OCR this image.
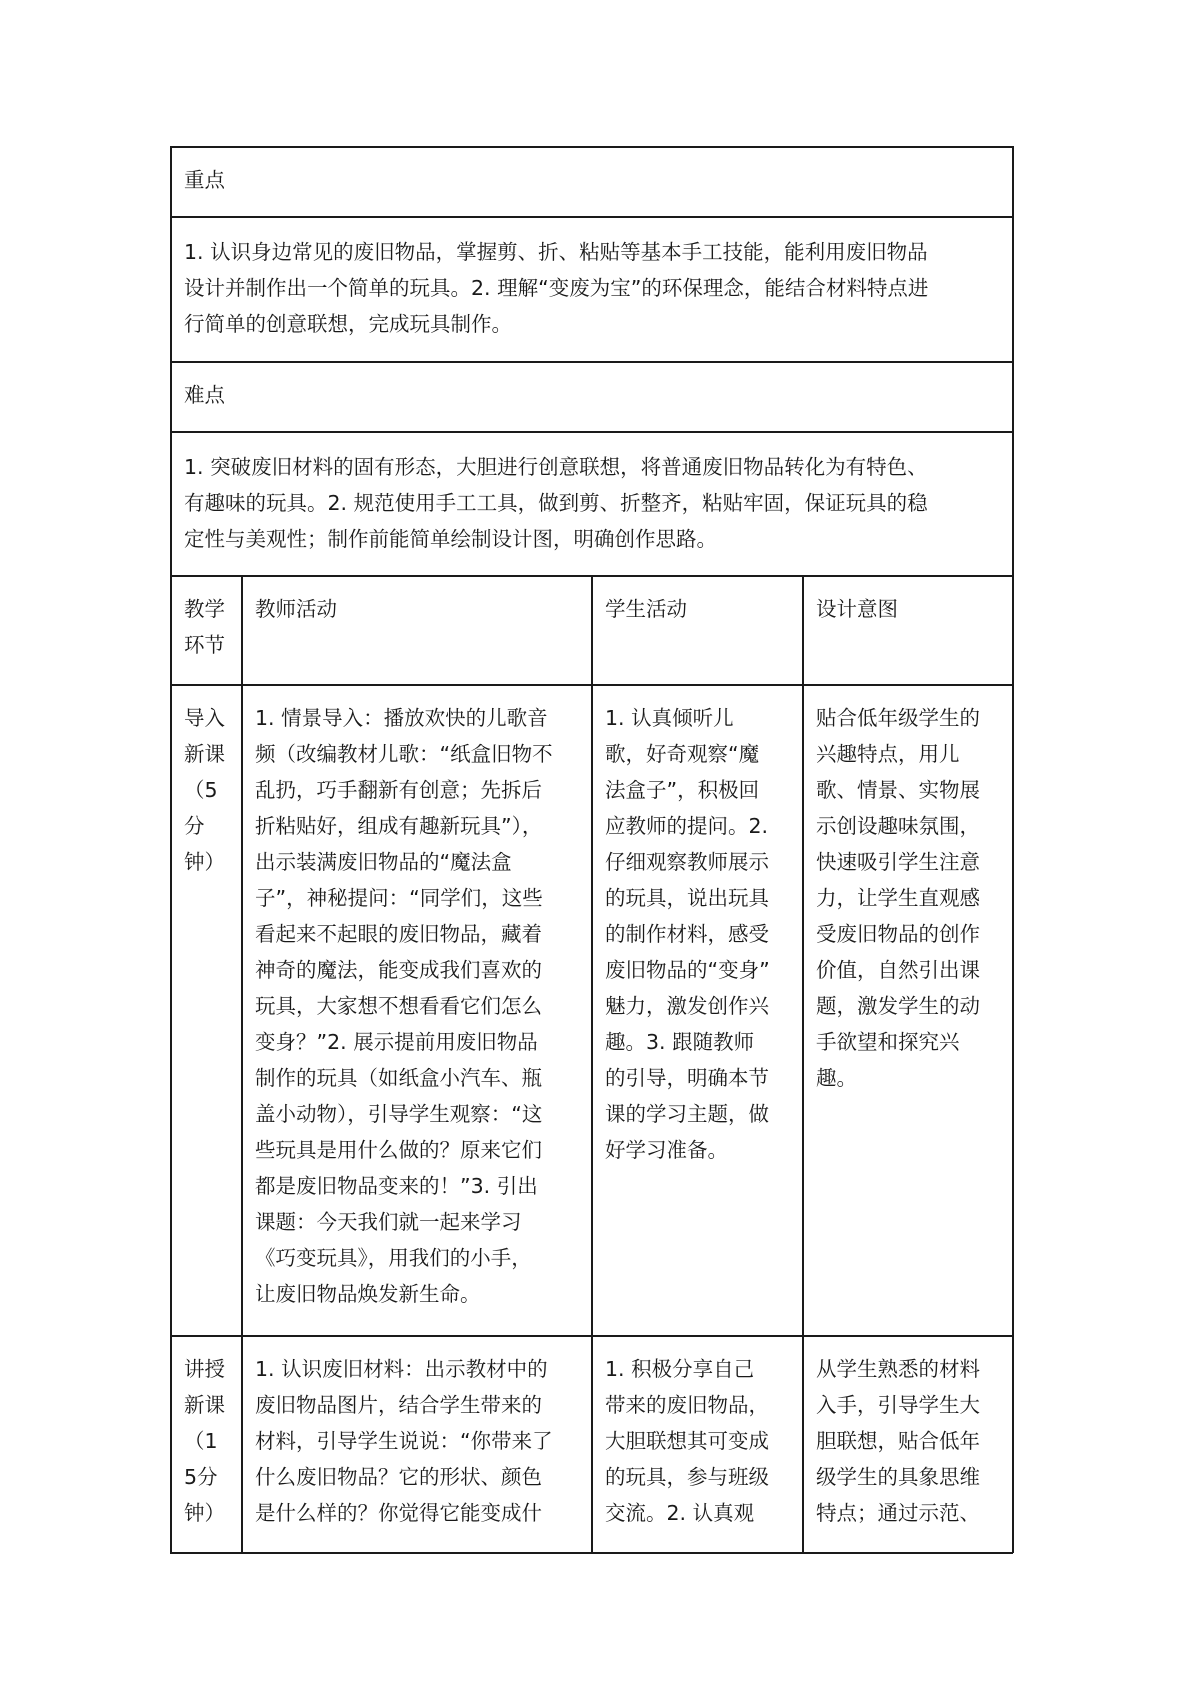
重点
1. 认识身边常见的废旧物品，掌握剪、折、粘贴等基本手工技能，能利用废旧物品
设计并制作出一个简单的玩具。2. 理解“变废为宝”的环保理念，能结合材料特点进
行简单的创意联想，完成玩具制作。
难点
1. 突破废旧材料的固有形态，大胆进行创意联想，将普通废旧物品转化为有特色、
有趣味的玩具。2. 规范使用手工工具，做到剪、折整齐，粘贴牢固，保证玩具的稳
定性与美观性；制作前能简单绘制设计图，明确创作思路。
教学
环节
教师活动	学生活动	设计意图
导入
新课
（5
分
钟）
1. 情景导入：播放欢快的儿歌音
频（改编教材儿歌：“纸盒旧物不
乱扔，巧手翻新有创意；先拆后
折粘贴好，组成有趣新玩具”），
出示装满废旧物品的“魔法盒
子”，神秘提问：“同学们，这些
看起来不起眼的废旧物品，藏着
神奇的魔法，能变成我们喜欢的
玩具，大家想不想看看它们怎么
变身？”2. 展示提前用废旧物品
制作的玩具（如纸盒小汽车、瓶
盖小动物），引导学生观察：“这
些玩具是用什么做的？原来它们
都是废旧物品变来的！”3. 引出
课题：今天我们就一起来学习
《巧变玩具》，用我们的小手，
让废旧物品焕发新生命。
1. 认真倾听儿
歌，好奇观察“魔
法盒子”，积极回
应教师的提问。2.
仔细观察教师展示
的玩具，说出玩具
的制作材料，感受
废旧物品的“变身”
魅力，激发创作兴
趣。3. 跟随教师
的引导，明确本节
课的学习主题，做
好学习准备。
贴合低年级学生的
兴趣特点，用儿
歌、情景、实物展
示创设趣味氛围，
快速吸引学生注意
力，让学生直观感
受废旧物品的创作
价值，自然引出课
题，激发学生的动
手欲望和探究兴
趣。
讲授
新课
（1
5分
钟）
1. 认识废旧材料：出示教材中的
废旧物品图片，结合学生带来的
材料，引导学生说说：“你带来了
什么废旧物品？它的形状、颜色
是什么样的？你觉得它能变成什
1. 积极分享自己
带来的废旧物品，
大胆联想其可变成
的玩具，参与班级
交流。2. 认真观
从学生熟悉的材料
入手，引导学生大
胆联想，贴合低年
级学生的具象思维
特点；通过示范、
